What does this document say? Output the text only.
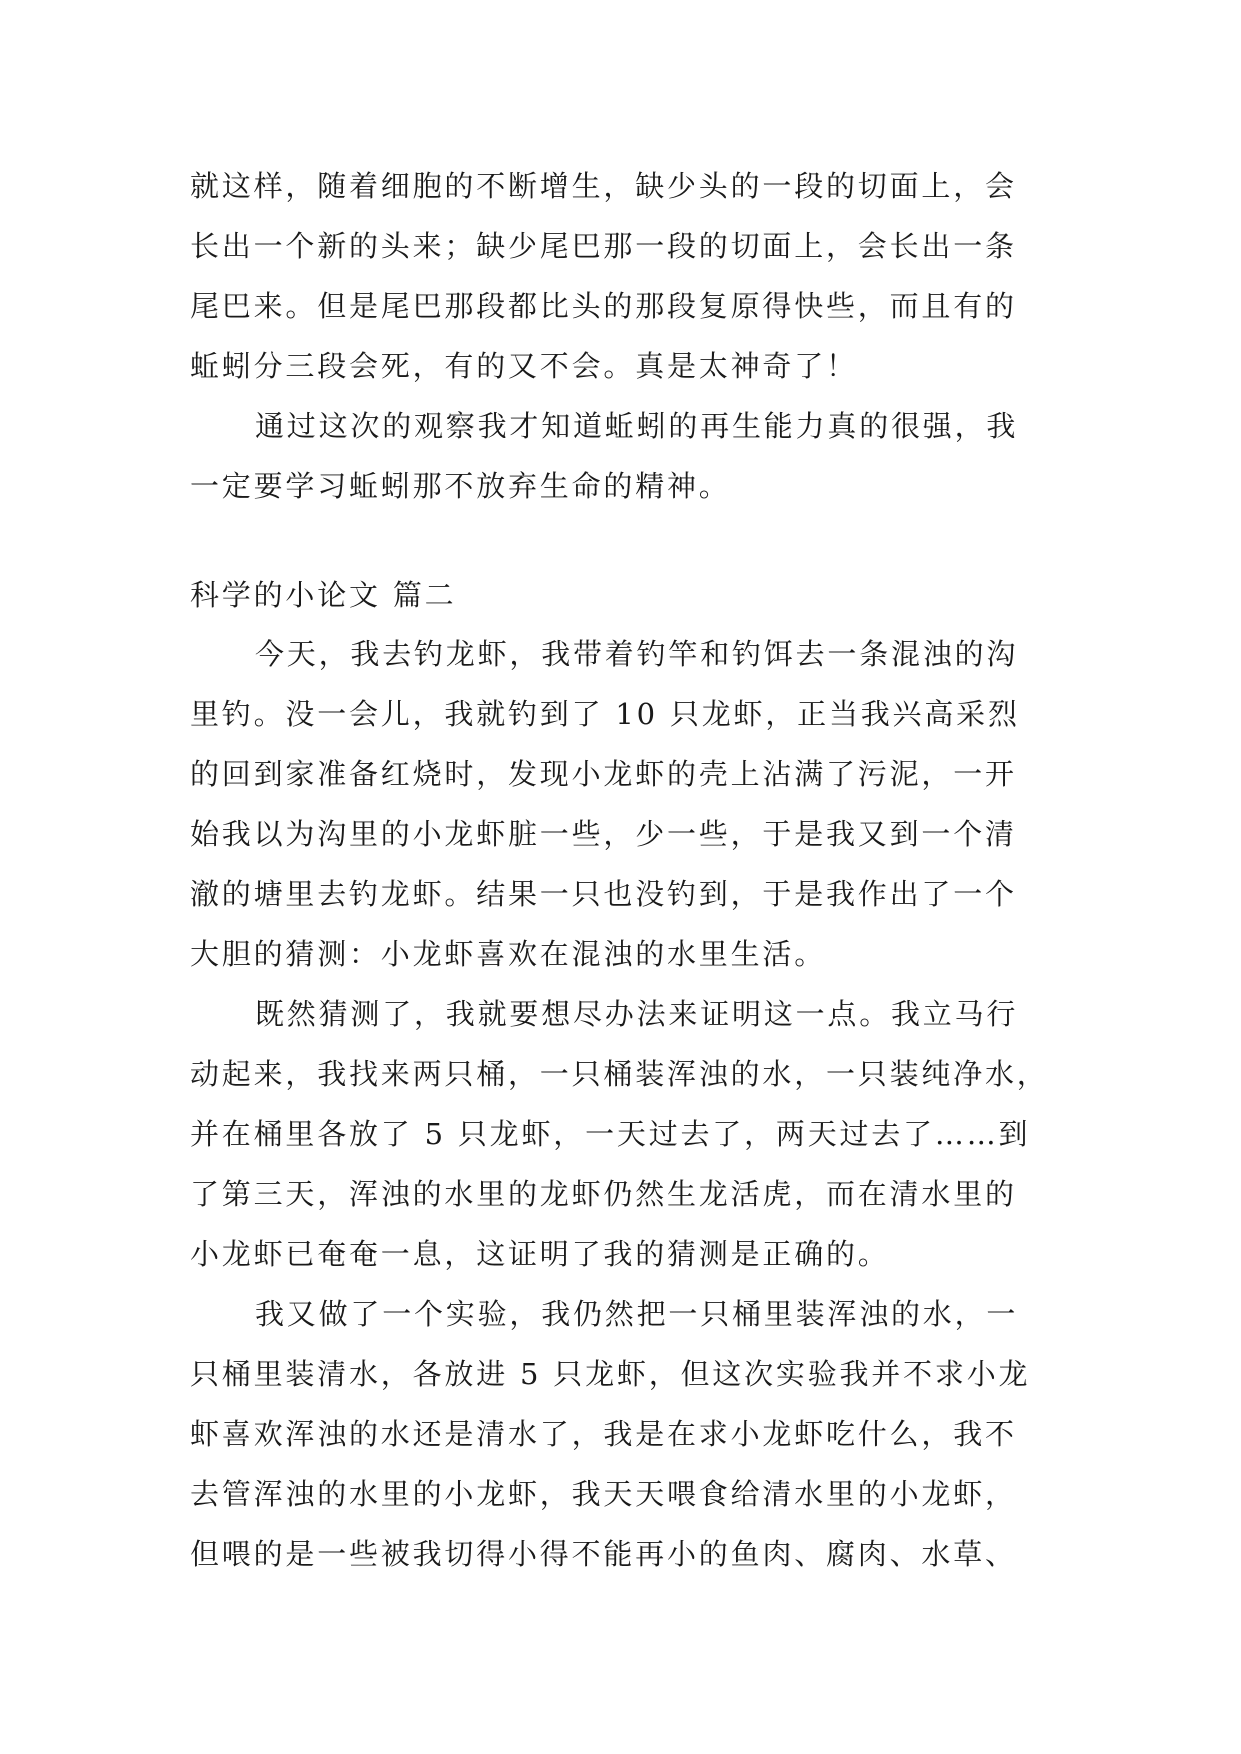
就这样，随着细胞的不断增生，缺少头的一段的切面上，会
长出一个新的头来；缺少尾巴那一段的切面上，会长出一条
尾巴来。但是尾巴那段都比头的那段复原得快些，而且有的
蚯蚓分三段会死，有的又不会。真是太神奇了！
通过这次的观察我才知道蚯蚓的再生能力真的很强，我
一定要学习蚯蚓那不放弃生命的精神。
科学的小论文 篇二
今天，我去钓龙虾，我带着钓竿和钓饵去一条混浊的沟
里钓。没一会儿，我就钓到了 10 只龙虾，正当我兴高采烈
的回到家准备红烧时，发现小龙虾的壳上沾满了污泥，一开
始我以为沟里的小龙虾脏一些，少一些，于是我又到一个清
澈的塘里去钓龙虾。结果一只也没钓到，于是我作出了一个
大胆的猜测：小龙虾喜欢在混浊的水里生活。
既然猜测了，我就要想尽办法来证明这一点。我立马行
动起来，我找来两只桶，一只桶装浑浊的水，一只装纯净水，
并在桶里各放了 5 只龙虾，一天过去了，两天过去了……到
了第三天，浑浊的水里的龙虾仍然生龙活虎，而在清水里的
小龙虾已奄奄一息，这证明了我的猜测是正确的。
我又做了一个实验，我仍然把一只桶里装浑浊的水，一
只桶里装清水，各放进 5 只龙虾，但这次实验我并不求小龙
虾喜欢浑浊的水还是清水了，我是在求小龙虾吃什么，我不
去管浑浊的水里的小龙虾，我天天喂食给清水里的小龙虾，
但喂的是一些被我切得小得不能再小的鱼肉、腐肉、水草、
